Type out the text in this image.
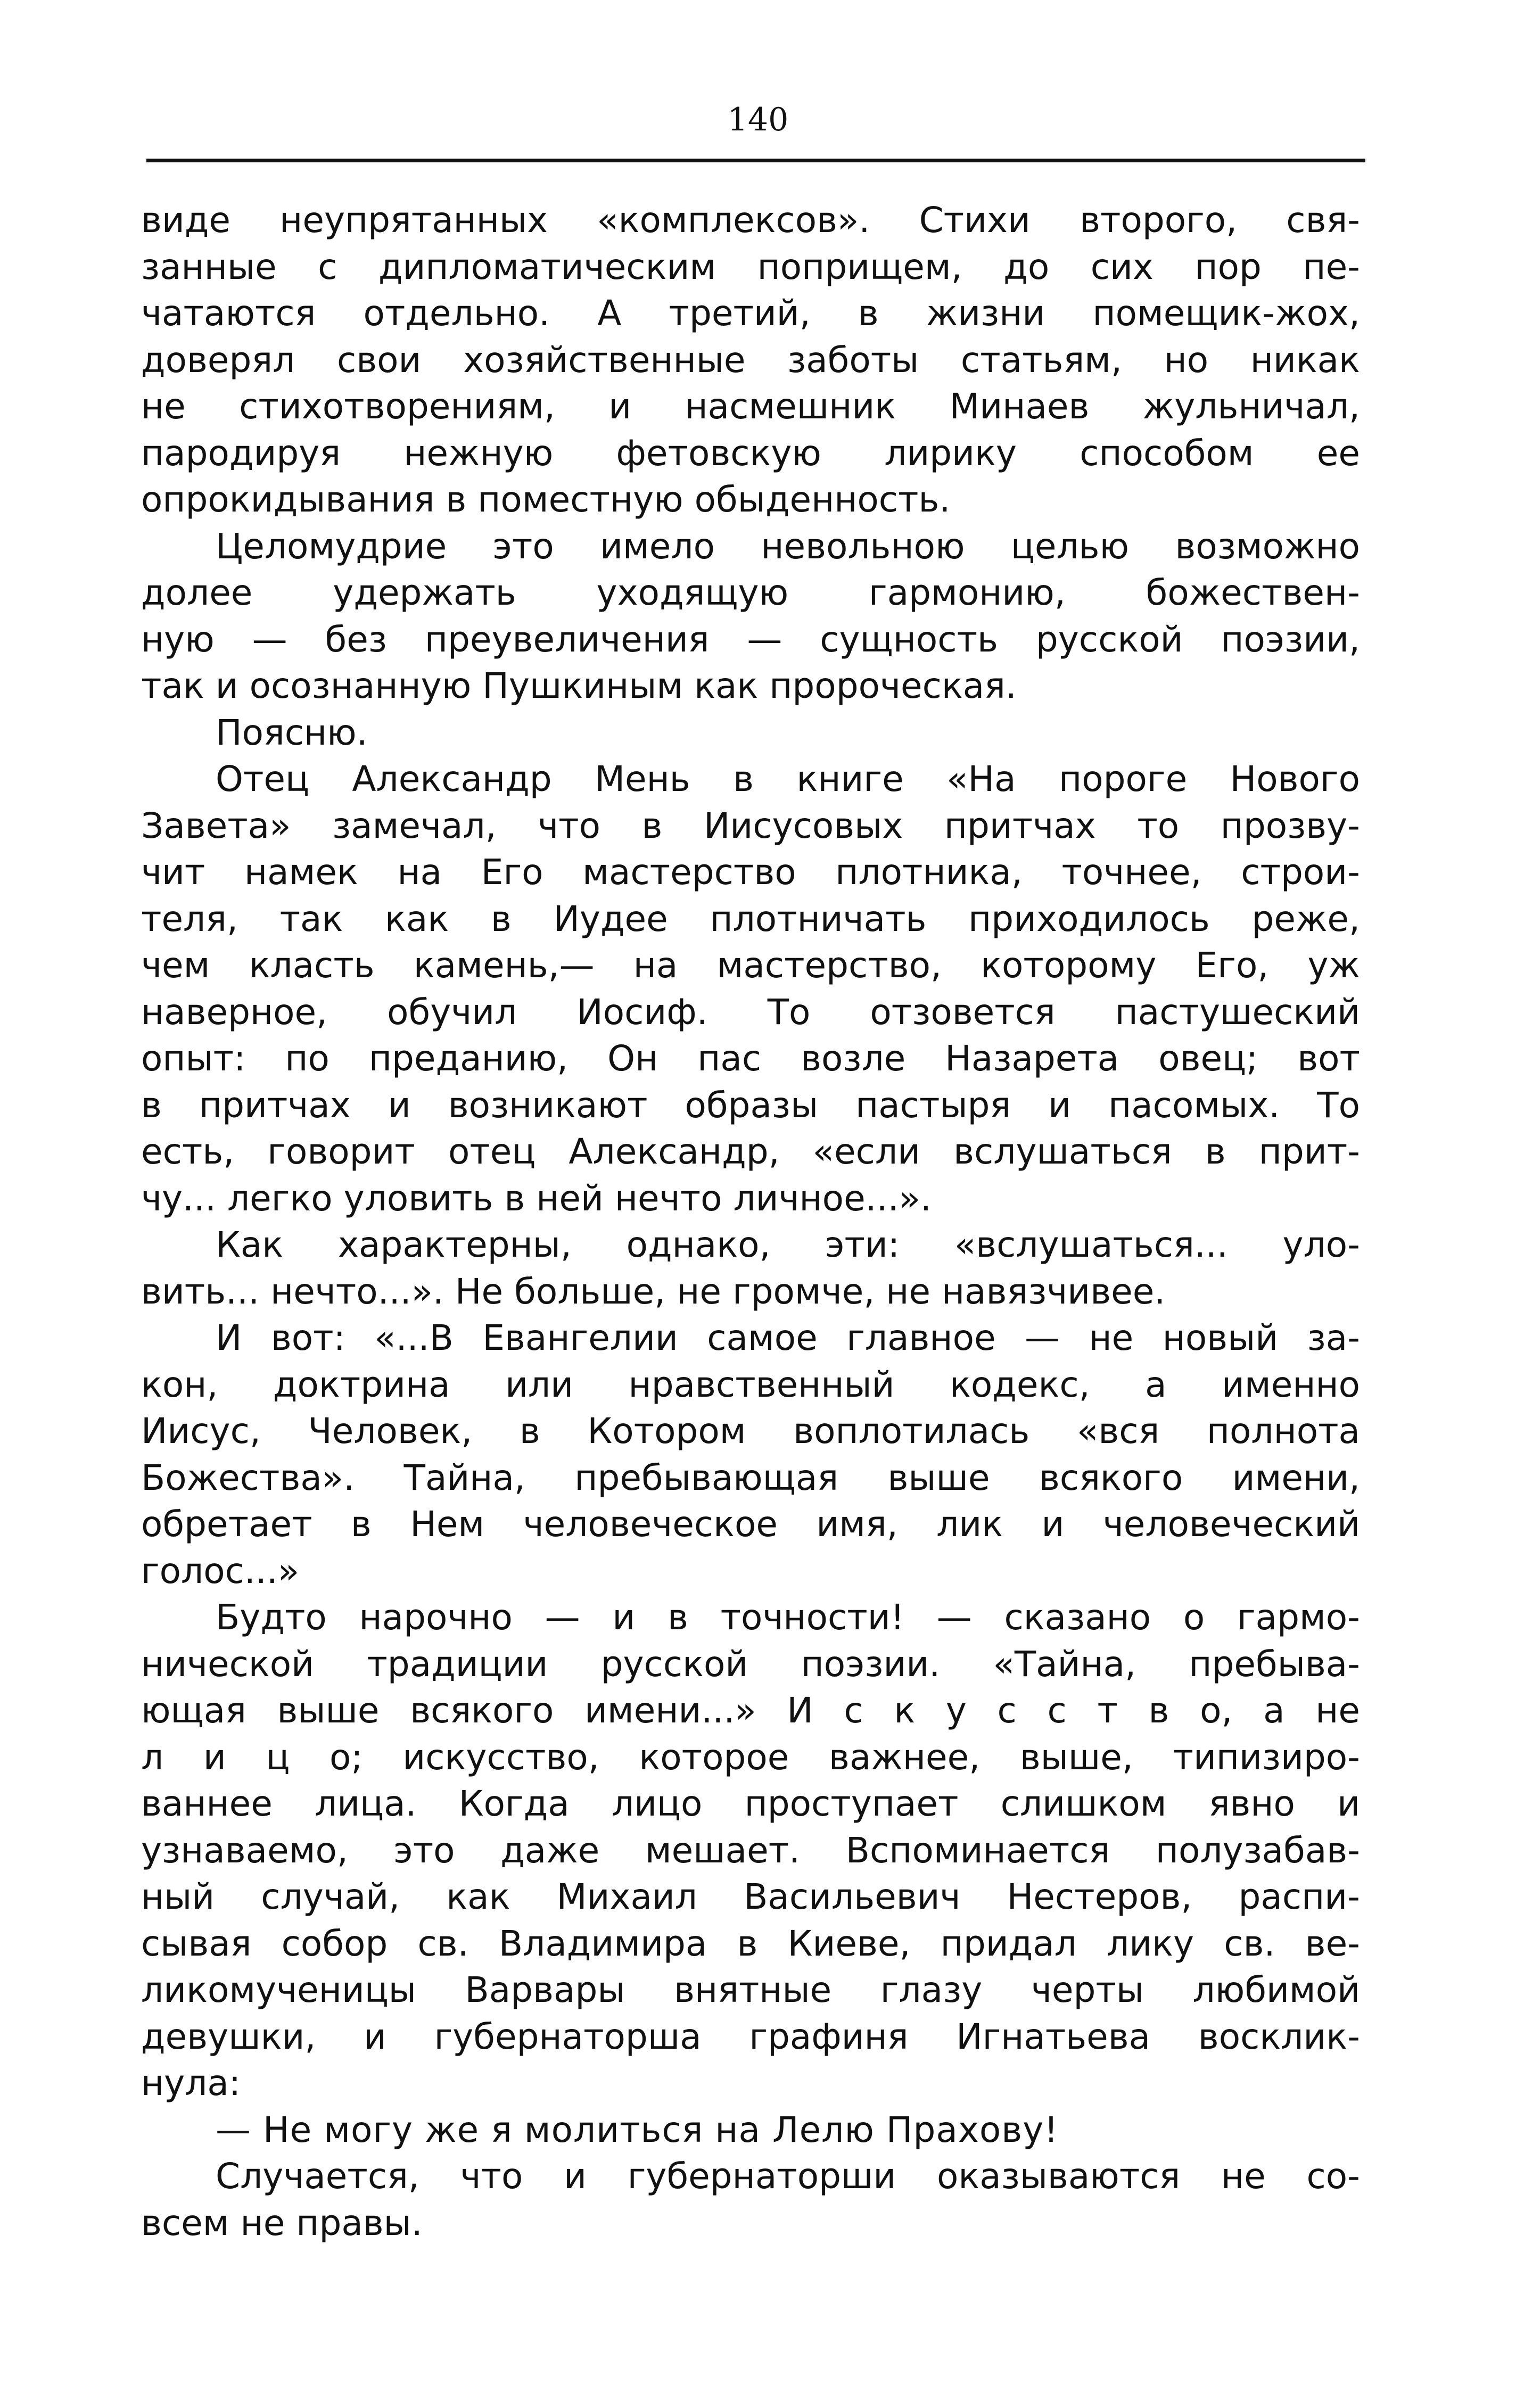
140
виде неупрятанных «комплексов». Стихи второго, свя-
занные с дипломатическим поприщем, до сих пор пе-
чатаются отдельно. А третий, в жизни помещик-жох,
доверял свои хозяйственные заботы статьям, но никак
не стихотворениям, и насмешник Минаев жульничал,
пародируя нежную фетовскую лирику способом ее
опрокидывания в поместную обыденность.
Целомудрие это имело невольною целью возможно
долее удержать уходящую гармонию, божествен-
ную — без преувеличения — сущность русской поэзии,
так и осознанную Пушкиным как пророческая.
Поясню.
Отец Александр Мень в книге «На пороге Нового
Завета» замечал, что в Иисусовых притчах то прозву-
чит намек на Его мастерство плотника, точнее, строи-
теля, так как в Иудее плотничать приходилось реже,
чем класть камень,— на мастерство, которому Его, уж
наверное, обучил Иосиф. То отзовется пастушеский
опыт: по преданию, Он пас возле Назарета овец; вот
в притчах и возникают образы пастыря и пасомых. То
есть, говорит отец Александр, «если вслушаться в прит-
чу... легко уловить в ней нечто личное...».
Как характерны, однако, эти: «вслушаться... уло-
вить... нечто...». Не больше, не громче, не навязчивее.
И вот: «...В Евангелии самое главное — не новый за-
кон, доктрина или нравственный кодекс, а именно
Иисус, Человек, в Котором воплотилась «вся полнота
Божества». Тайна, пребывающая выше всякого имени,
обретает в Нем человеческое имя, лик и человеческий
голос...»
Будто нарочно — и в точности! — сказано о гармо-
нической традиции русской поэзии. «Тайна, пребыва-
ющая выше всякого имени...» И с к у с с т в о, а не
л и ц о; искусство, которое важнее, выше, типизиро-
ваннее лица. Когда лицо проступает слишком явно и
узнаваемо, это даже мешает. Вспоминается полузабав-
ный случай, как Михаил Васильевич Нестеров, распи-
сывая собор св. Владимира в Киеве, придал лику св. ве-
ликомученицы Варвары внятные глазу черты любимой
девушки, и губернаторша графиня Игнатьева восклик-
нула:
— Не могу же я молиться на Лелю Прахову!
Случается, что и губернаторши оказываются не со-
всем не правы.
